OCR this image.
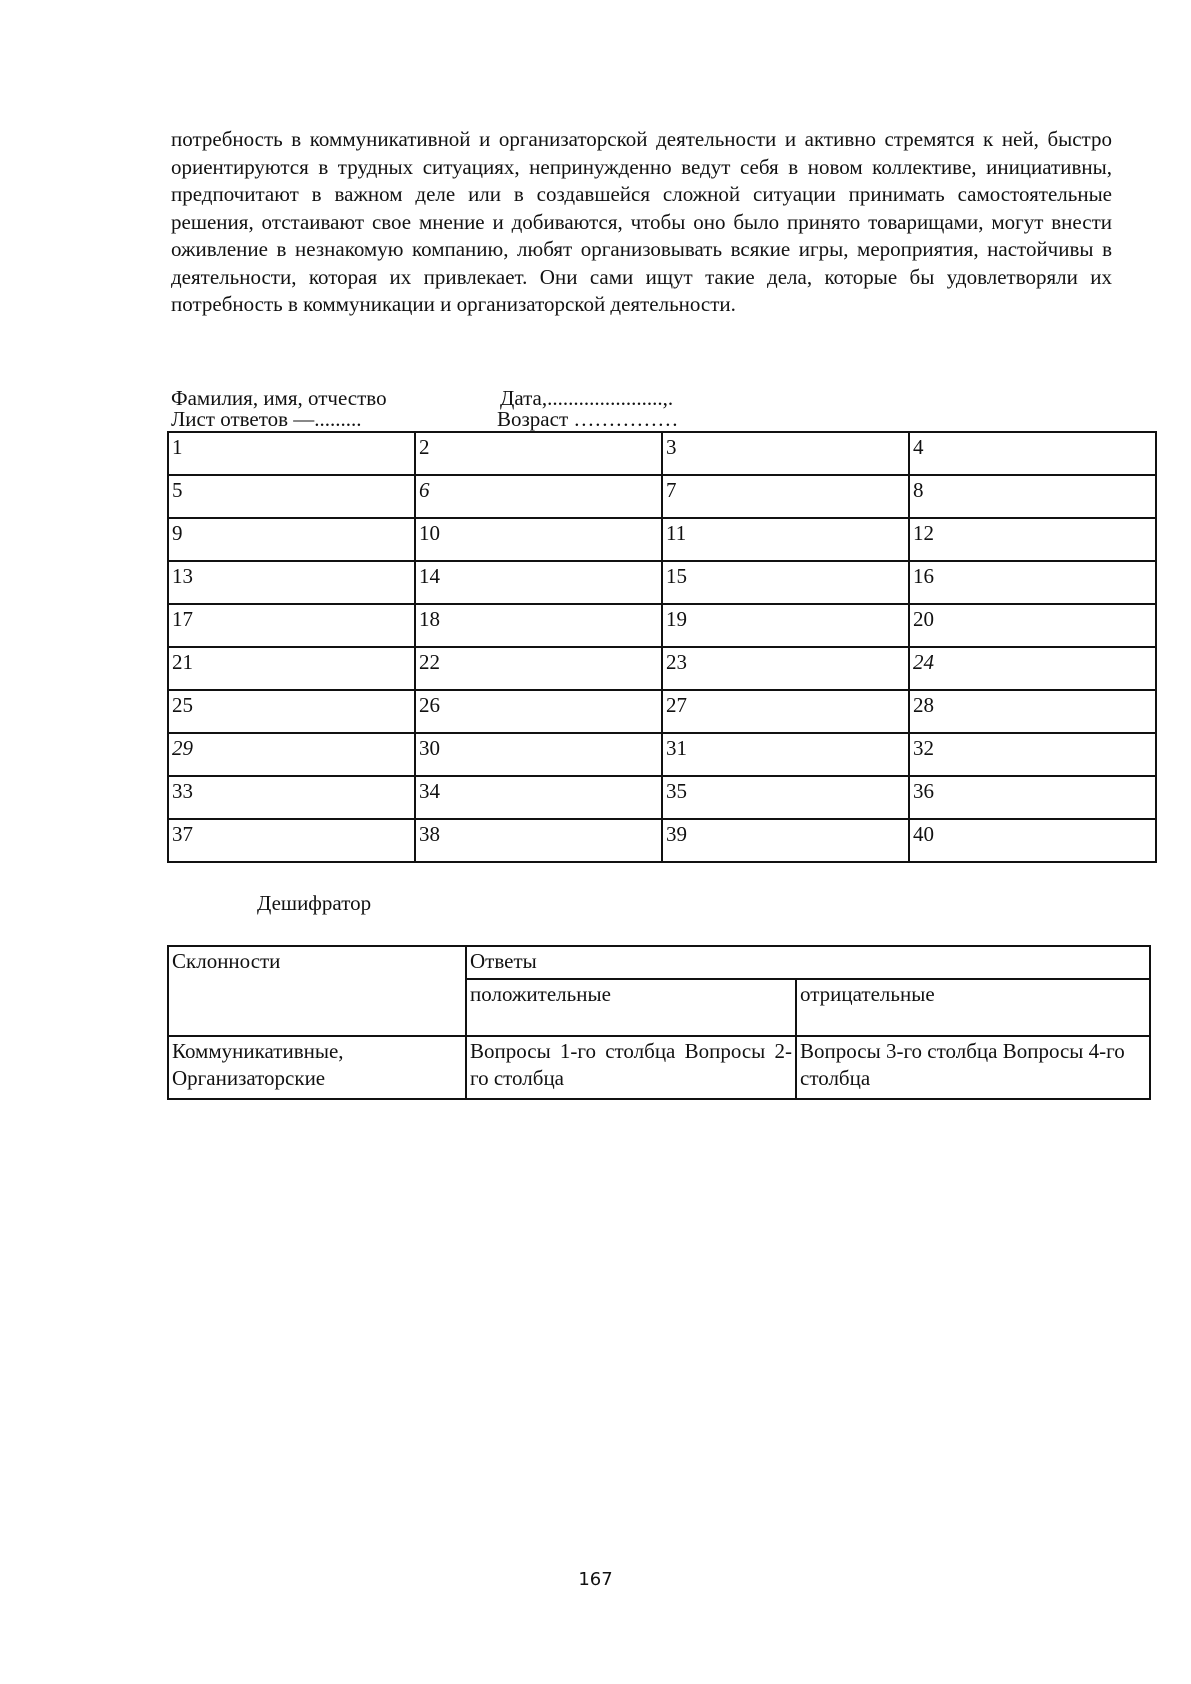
потребность в коммуникативной и организаторской деятельности и активно стремятся к ней, быстро ориентируются в трудных ситуациях, непринужденно ведут себя в новом коллективе, инициативны, предпочитают в важном деле или в создавшейся сложной ситуации принимать самостоятельные решения, отстаивают свое мнение и добиваются, чтобы оно было принято товарищами, могут внести оживление в незнакомую компанию, любят организовывать всякие игры, мероприятия, настойчивы в деятельности, которая их привлекает. Они сами ищут такие дела, которые бы удовлетворяли их потребность в коммуникации и организаторской деятельности.

Фамилия, имя, отчество	Дата,......................,.
Лист ответов —.........	Возраст ……………
1	2	3	4
5	6	7	8
9	10	11	12
13	14	15	16
17	18	19	20
21	22	23	24
25	26	27	28
29	30	31	32
33	34	35	36
37	38	39	40
Дешифратор
Склонности	Ответы	
	положительные	отрицательные
Коммуникативные, Организаторские	Вопросы 1-го столбца Вопросы 2-го столбца	Вопросы 3-го столбца Вопросы 4-го столбца
167
